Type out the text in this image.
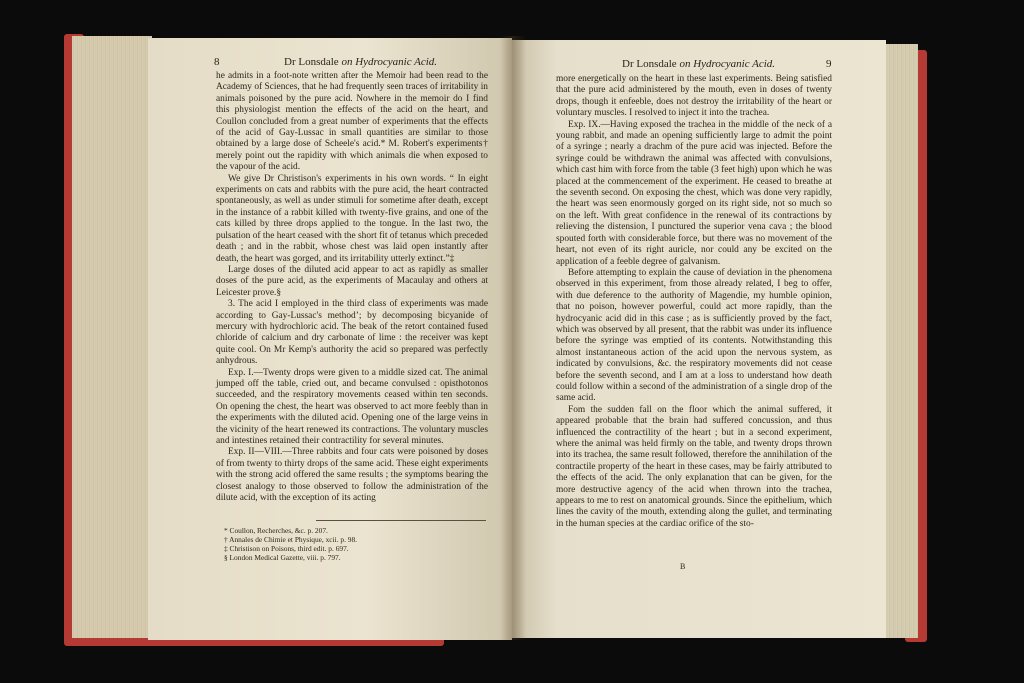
8	Dr Lonsdale on Hydrocyanic Acid.

he admits in a foot-note written after the Memoir had been read to the Academy of Sciences, that he had frequently seen traces of irritability in animals poisoned by the pure acid. Nowhere in the memoir do I find this physiologist mention the effects of the acid on the heart, and Coullon concluded from a great number of experiments that the effects of the acid of Gay-Lussac in small quantities are similar to those obtained by a large dose of Scheele's acid.* M. Robert's experiments† merely point out the rapidity with which animals die when exposed to the vapour of the acid.

We give Dr Christison's experiments in his own words. “ In eight experiments on cats and rabbits with the pure acid, the heart contracted spontaneously, as well as under stimuli for sometime after death, except in the instance of a rabbit killed with twenty-five grains, and one of the cats killed by three drops applied to the tongue. In the last two, the pulsation of the heart ceased with the short fit of tetanus which preceded death ; and in the rabbit, whose chest was laid open instantly after death, the heart was gorged, and its irritability utterly extinct.”‡

Large doses of the diluted acid appear to act as rapidly as smaller doses of the pure acid, as the experiments of Macaulay and others at Leicester prove.§

3. The acid I employed in the third class of experiments was made according to Gay-Lussac's method’; by decomposing bicyanide of mercury with hydrochloric acid. The beak of the retort contained fused chloride of calcium and dry carbonate of lime : the receiver was kept quite cool. On Mr Kemp's authority the acid so prepared was perfectly anhydrous.

Exp. I.—Twenty drops were given to a middle sized cat. The animal jumped off the table, cried out, and became convulsed : opisthotonos succeeded, and the respiratory movements ceased within ten seconds. On opening the chest, the heart was observed to act more feebly than in the experiments with the diluted acid. Opening one of the large veins in the vicinity of the heart renewed its contractions. The voluntary muscles and intestines retained their contractility for several minutes.

Exp. II—VIII.—Three rabbits and four cats were poisoned by doses of from twenty to thirty drops of the same acid. These eight experiments with the strong acid offered the same results ; the symptoms bearing the closest analogy to those observed to follow the administration of the dilute acid, with the exception of its acting

* Coullon, Recherches, &c. p. 207.
† Annales de Chimie et Physique, xcii. p. 98.
‡ Christison on Poisons, third edit. p. 697.
§ London Medical Gazette, viii. p. 797.
Dr Lonsdale on Hydrocyanic Acid.	9

more energetically on the heart in these last experiments. Being satisfied that the pure acid administered by the mouth, even in doses of twenty drops, though it enfeeble, does not destroy the irritability of the heart or voluntary muscles. I resolved to inject it into the trachea.

Exp. IX.—Having exposed the trachea in the middle of the neck of a young rabbit, and made an opening sufficiently large to admit the point of a syringe ; nearly a drachm of the pure acid was injected. Before the syringe could be withdrawn the animal was affected with convulsions, which cast him with force from the table (3 feet high) upon which he was placed at the commencement of the experiment. He ceased to breathe at the seventh second. On exposing the chest, which was done very rapidly, the heart was seen enormously gorged on its right side, not so much so on the left. With great confidence in the renewal of its contractions by relieving the distension, I punctured the superior vena cava ; the blood spouted forth with considerable force, but there was no movement of the heart, not even of its right auricle, nor could any be excited on the application of a feeble degree of galvanism.

Before attempting to explain the cause of deviation in the phenomena observed in this experiment, from those already related, I beg to offer, with due deference to the authority of Magendie, my humble opinion, that no poison, however powerful, could act more rapidly, than the hydrocyanic acid did in this case ; as is sufficiently proved by the fact, which was observed by all present, that the rabbit was under its influence before the syringe was emptied of its contents. Notwithstanding this almost instantaneous action of the acid upon the nervous system, as indicated by convulsions, &c. the respiratory movements did not cease before the seventh second, and I am at a loss to understand how death could follow within a second of the administration of a single drop of the same acid.

Fom the sudden fall on the floor which the animal suffered, it appeared probable that the brain had suffered concussion, and thus influenced the contractility of the heart ; but in a second experiment, where the animal was held firmly on the table, and twenty drops thrown into its trachea, the same result followed, therefore the annihilation of the contractile property of the heart in these cases, may be fairly attributed to the effects of the acid. The only explanation that can be given, for the more destructive agency of the acid when thrown into the trachea, appears to me to rest on anatomical grounds. Since the epithelium, which lines the cavity of the mouth, extending along the gullet, and terminating in the human species at the cardiac orifice of the sto-

B
